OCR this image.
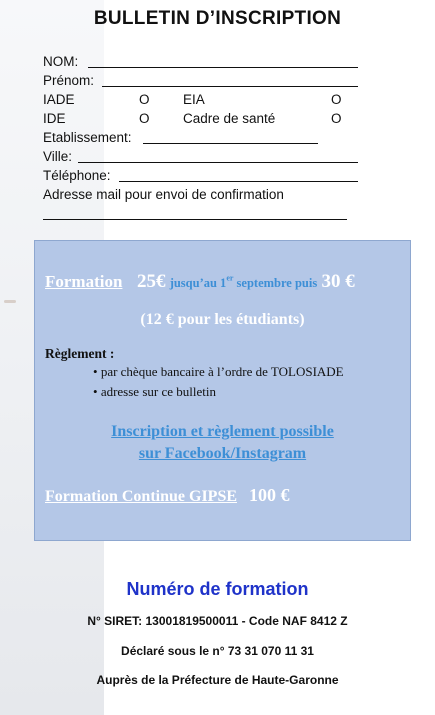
BULLETIN D’INSCRIPTION
NOM:
Prénom:
IADE	O EIA	O
IDE	O Cadre de santé	O
Etablissement:
Ville:
Téléphone:
Adresse mail pour envoi de confirmation
Formation 25€ jusqu’au 1er septembre puis 30 €
(12 € pour les étudiants)
Règlement :
• par chèque bancaire à l’ordre de TOLOSIADE
• adresse sur ce bulletin
Inscription et règlement possible
sur Facebook/Instagram
Formation Continue GIPSE 100 €
Numéro de formation
N° SIRET: 13001819500011 - Code NAF 8412 Z
Déclaré sous le n° 73 31 070 11 31
Auprès de la Préfecture de Haute-Garonne
